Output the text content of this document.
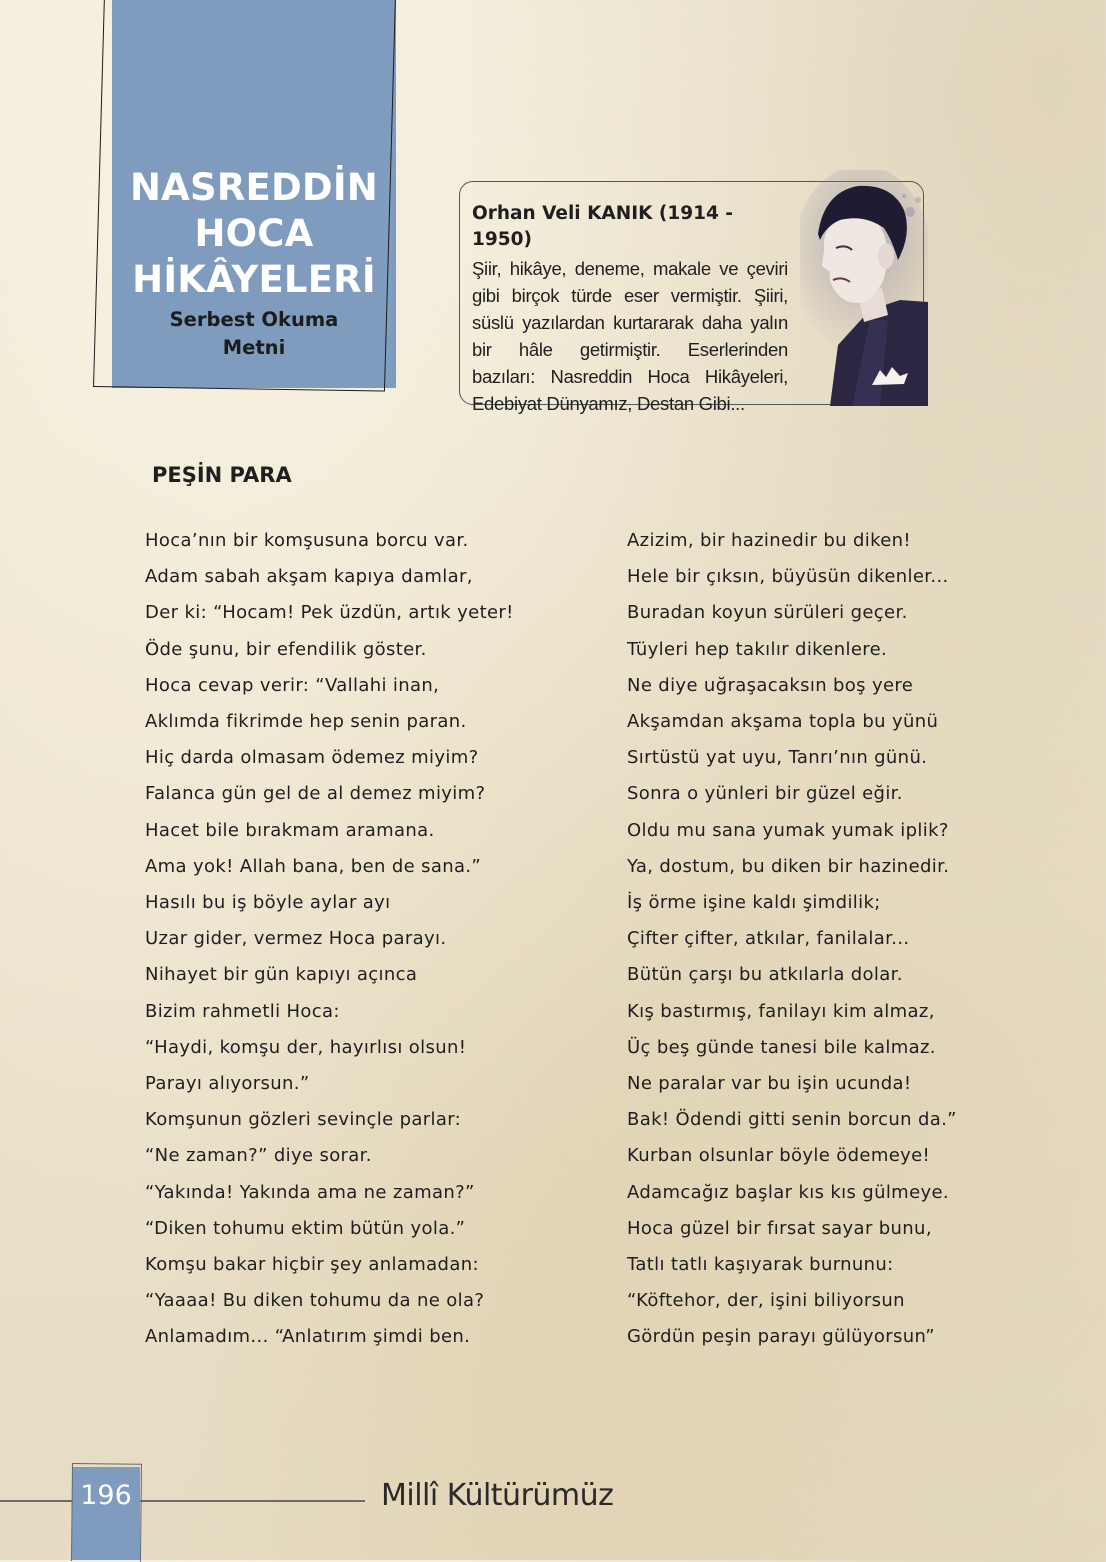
NASREDDİN
HOCA
HİKÂYELERİ
Serbest Okuma
Metni
Orhan Veli KANIK (1914 - 1950)
Şiir, hikâye, deneme, makale ve çeviri gibi birçok türde eser vermiştir. Şiiri, süslü yazılardan kurtararak daha yalın bir hâle getirmiştir. Eserlerinden bazıları: Nasreddin Hoca Hikâyeleri, Edebiyat Dünyamız, Destan Gibi...
PEŞİN PARA
Hoca’nın bir komşusuna borcu var.
Adam sabah akşam kapıya damlar,
Der ki: “Hocam! Pek üzdün, artık yeter!
Öde şunu, bir efendilik göster.
Hoca cevap verir: “Vallahi inan,
Aklımda fikrimde hep senin paran.
Hiç darda olmasam ödemez miyim?
Falanca gün gel de al demez miyim?
Hacet bile bırakmam aramana.
Ama yok! Allah bana, ben de sana.”
Hasılı bu iş böyle aylar ayı
Uzar gider, vermez Hoca parayı.
Nihayet bir gün kapıyı açınca
Bizim rahmetli Hoca:
“Haydi, komşu der, hayırlısı olsun!
Parayı alıyorsun.”
Komşunun gözleri sevinçle parlar:
“Ne zaman?” diye sorar.
“Yakında! Yakında ama ne zaman?”
“Diken tohumu ektim bütün yola.”
Komşu bakar hiçbir şey anlamadan:
“Yaaaa! Bu diken tohumu da ne ola?
Anlamadım... “Anlatırım şimdi ben.
Azizim, bir hazinedir bu diken!
Hele bir çıksın, büyüsün dikenler...
Buradan koyun sürüleri geçer.
Tüyleri hep takılır dikenlere.
Ne diye uğraşacaksın boş yere
Akşamdan akşama topla bu yünü
Sırtüstü yat uyu, Tanrı’nın günü.
Sonra o yünleri bir güzel eğir.
Oldu mu sana yumak yumak iplik?
Ya, dostum, bu diken bir hazinedir.
İş örme işine kaldı şimdilik;
Çifter çifter, atkılar, fanilalar...
Bütün çarşı bu atkılarla dolar.
Kış bastırmış, fanilayı kim almaz,
Üç beş günde tanesi bile kalmaz.
Ne paralar var bu işin ucunda!
Bak! Ödendi gitti senin borcun da.”
Kurban olsunlar böyle ödemeye!
Adamcağız başlar kıs kıs gülmeye.
Hoca güzel bir fırsat sayar bunu,
Tatlı tatlı kaşıyarak burnunu:
“Köftehor, der, işini biliyorsun
Gördün peşin parayı gülüyorsun”
196	Millî Kültürümüz
